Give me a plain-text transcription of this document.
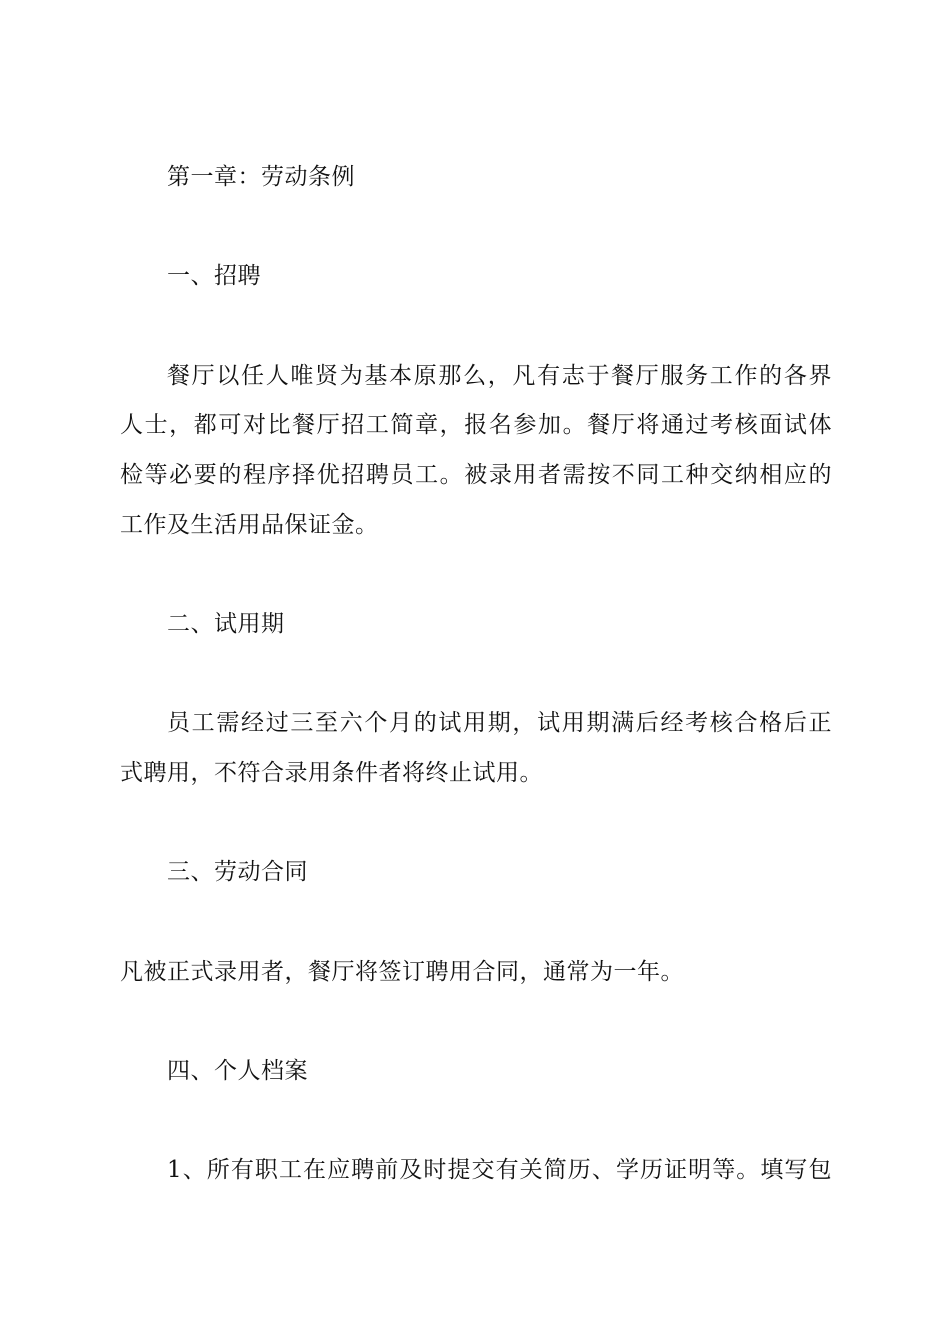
第一章：劳动条例
一、招聘
餐厅以任人唯贤为基本原那么，凡有志于餐厅服务工作的各界
人士，都可对比餐厅招工简章，报名参加。餐厅将通过考核面试体
检等必要的程序择优招聘员工。被录用者需按不同工种交纳相应的
工作及生活用品保证金。
二、试用期
员工需经过三至六个月的试用期，试用期满后经考核合格后正
式聘用，不符合录用条件者将终止试用。
三、劳动合同
凡被正式录用者，餐厅将签订聘用合同，通常为一年。
四、个人档案
1、所有职工在应聘前及时提交有关简历、学历证明等。填写包
